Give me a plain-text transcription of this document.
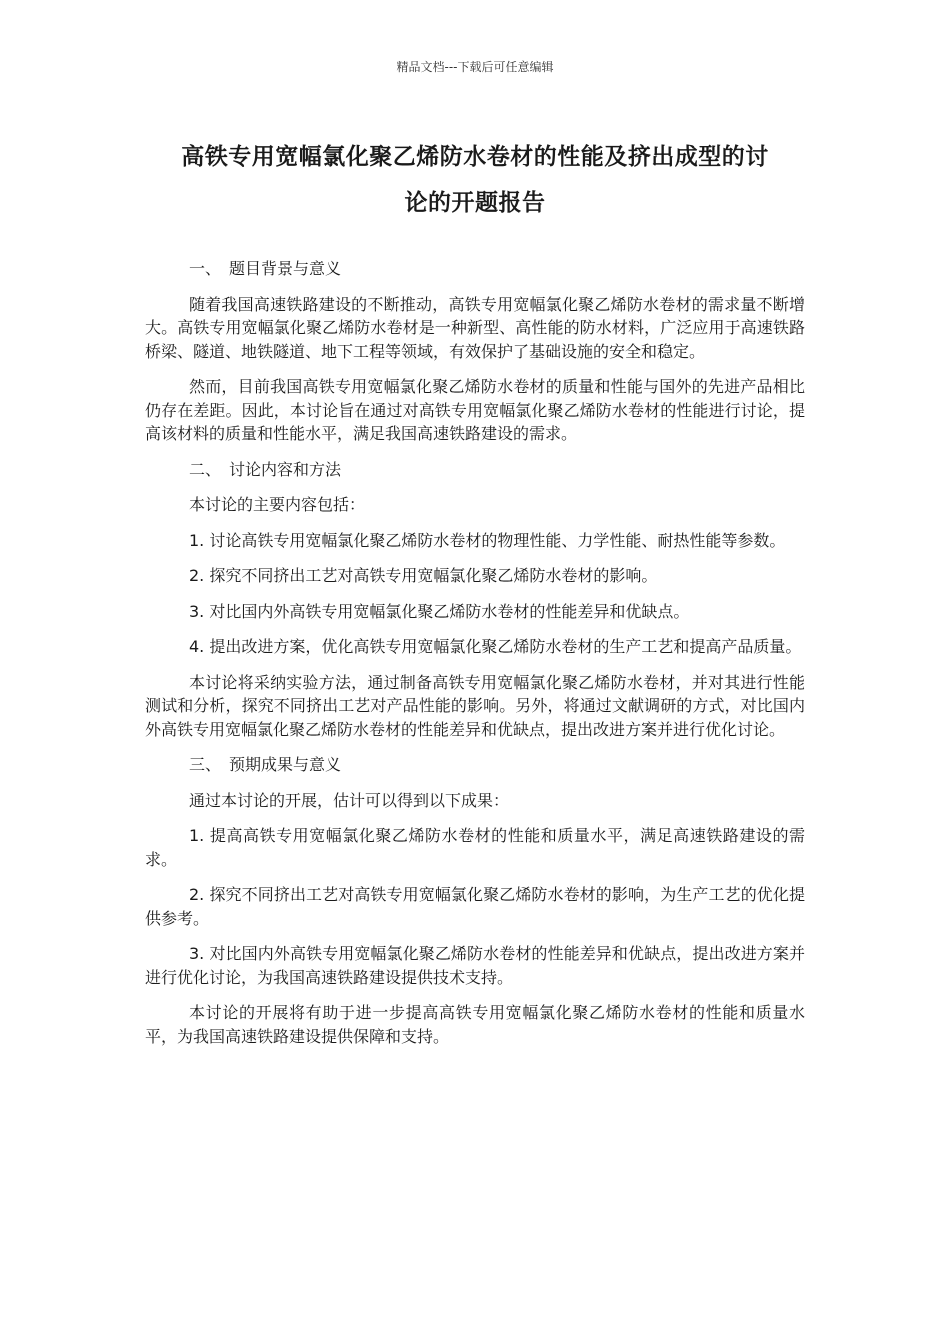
精品文档---下载后可任意编辑
高铁专用宽幅氯化聚乙烯防水卷材的性能及挤出成型的讨
论的开题报告

一、 题目背景与意义

随着我国高速铁路建设的不断推动，高铁专用宽幅氯化聚乙烯防水卷材的需求量不断增大。高铁专用宽幅氯化聚乙烯防水卷材是一种新型、高性能的防水材料，广泛应用于高速铁路桥梁、隧道、地铁隧道、地下工程等领域，有效保护了基础设施的安全和稳定。

然而，目前我国高铁专用宽幅氯化聚乙烯防水卷材的质量和性能与国外的先进产品相比仍存在差距。因此，本讨论旨在通过对高铁专用宽幅氯化聚乙烯防水卷材的性能进行讨论，提高该材料的质量和性能水平，满足我国高速铁路建设的需求。

二、 讨论内容和方法

本讨论的主要内容包括：

1. 讨论高铁专用宽幅氯化聚乙烯防水卷材的物理性能、力学性能、耐热性能等参数。

2. 探究不同挤出工艺对高铁专用宽幅氯化聚乙烯防水卷材的影响。

3. 对比国内外高铁专用宽幅氯化聚乙烯防水卷材的性能差异和优缺点。

4. 提出改进方案，优化高铁专用宽幅氯化聚乙烯防水卷材的生产工艺和提高产品质量。

本讨论将采纳实验方法，通过制备高铁专用宽幅氯化聚乙烯防水卷材，并对其进行性能测试和分析，探究不同挤出工艺对产品性能的影响。另外，将通过文献调研的方式，对比国内外高铁专用宽幅氯化聚乙烯防水卷材的性能差异和优缺点，提出改进方案并进行优化讨论。

三、 预期成果与意义

通过本讨论的开展，估计可以得到以下成果：

1. 提高高铁专用宽幅氯化聚乙烯防水卷材的性能和质量水平，满足高速铁路建设的需求。

2. 探究不同挤出工艺对高铁专用宽幅氯化聚乙烯防水卷材的影响，为生产工艺的优化提供参考。

3. 对比国内外高铁专用宽幅氯化聚乙烯防水卷材的性能差异和优缺点，提出改进方案并进行优化讨论，为我国高速铁路建设提供技术支持。

本讨论的开展将有助于进一步提高高铁专用宽幅氯化聚乙烯防水卷材的性能和质量水平，为我国高速铁路建设提供保障和支持。
